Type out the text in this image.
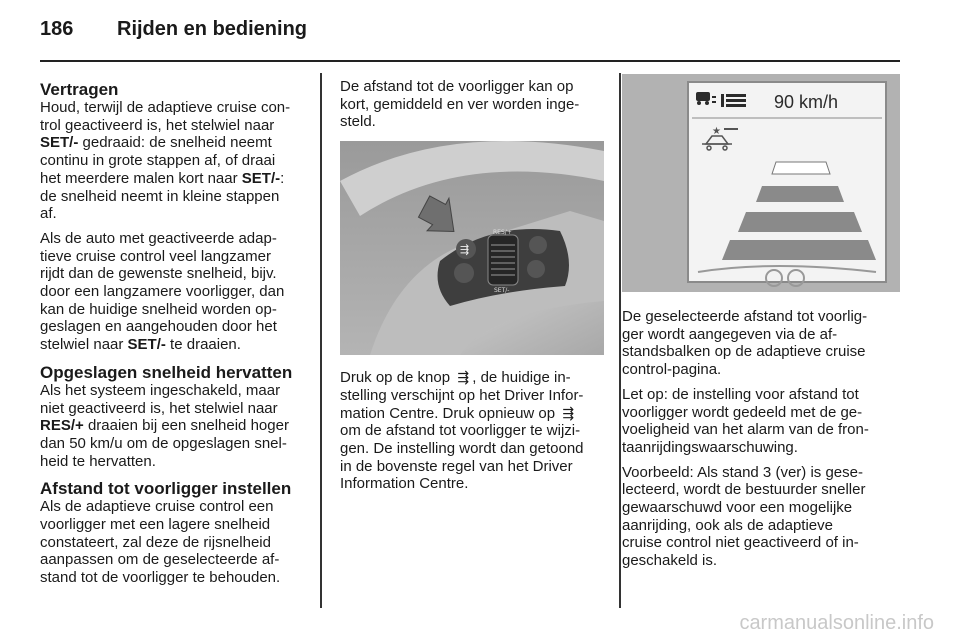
186 Rijden en bediening
Vertragen

Houd, terwijl de adaptieve cruise con‐
trol geactiveerd is, het stelwiel naar
SET/- gedraaid: de snelheid neemt
continu in grote stappen af, of draai
het meerdere malen kort naar SET/-:
de snelheid neemt in kleine stappen
af.

Als de auto met geactiveerde adap‐
tieve cruise control veel langzamer
rijdt dan de gewenste snelheid, bijv.
door een langzamere voorligger, dan
kan de huidige snelheid worden op‐
geslagen en aangehouden door het
stelwiel naar SET/- te draaien.

Opgeslagen snelheid hervatten

Als het systeem ingeschakeld, maar
niet geactiveerd is, het stelwiel naar
RES/+ draaien bij een snelheid hoger
dan 50 km/u om de opgeslagen snel‐
heid te hervatten.

Afstand tot voorligger instellen

Als de adaptieve cruise control een
voorligger met een lagere snelheid
constateert, zal deze de rijsnelheid
aanpassen om de geselecteerde af‐
stand tot de voorligger te behouden.

De afstand tot de voorligger kan op
kort, gemiddeld en ver worden inge‐
steld.

⇶
RES/+
SET/-

Druk op de knop ⇶ , de huidige in‐
stelling verschijnt op het Driver Infor‐
mation Centre. Druk opnieuw op ⇶
om de afstand tot voorligger te wijzi‐
gen. De instelling wordt dan getoond
in de bovenste regel van het Driver
Information Centre.

90 km/h
★

De geselecteerde afstand tot voorlig‐
ger wordt aangegeven via de af‐
standsbalken op de adaptieve cruise
control-pagina.

Let op: de instelling voor afstand tot
voorligger wordt gedeeld met de ge‐
voeligheid van het alarm van de fron‐
taanrijdingswaarschuwing.

Voorbeeld: Als stand 3 (ver) is gese‐
lecteerd, wordt de bestuurder sneller
gewaarschuwd voor een mogelijke
aanrijding, ook als de adaptieve
cruise control niet geactiveerd of in‐
geschakeld is.

carmanualsonline.info
